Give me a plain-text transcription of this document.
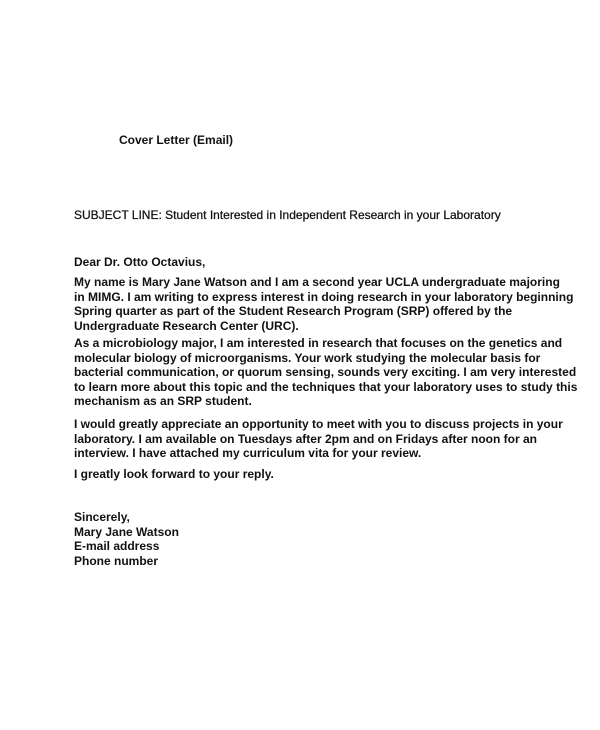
Cover Letter (Email)
SUBJECT LINE: Student Interested in Independent Research in your Laboratory
Dear Dr. Otto Octavius,
My name is Mary Jane Watson and I am a second year UCLA undergraduate majoring
in MIMG. I am writing to express interest in doing research in your laboratory beginning
Spring quarter as part of the Student Research Program (SRP) offered by the
Undergraduate Research Center (URC).
As a microbiology major, I am interested in research that focuses on the genetics and
molecular biology of microorganisms. Your work studying the molecular basis for
bacterial communication, or quorum sensing, sounds very exciting. I am very interested
to learn more about this topic and the techniques that your laboratory uses to study this
mechanism as an SRP student.
I would greatly appreciate an opportunity to meet with you to discuss projects in your
laboratory. I am available on Tuesdays after 2pm and on Fridays after noon for an
interview. I have attached my curriculum vita for your review.
I greatly look forward to your reply.
Sincerely,
Mary Jane Watson
E-mail address
Phone number
